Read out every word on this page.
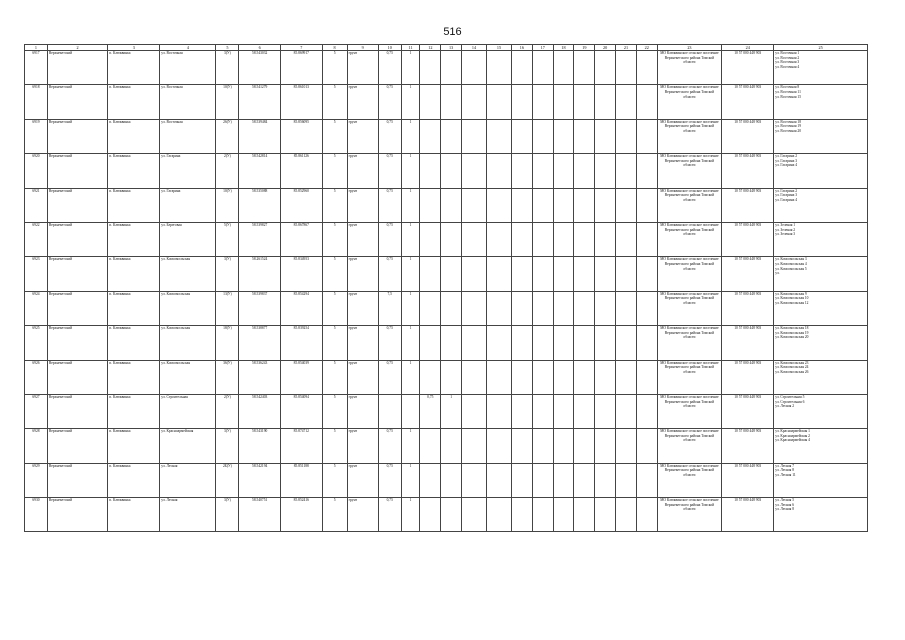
516
1	2	3	4	5	6	7	8	9	10	11	12	13	14	15	16	17	18	19	20	21	22	23	24	25
6917	Верхнекетский	п. Клюквинка	ул. Восточная	3(У)	58.543032	85.869917	5	грунт	0,75	1												МО Клюквинское сельское поселение Верхнекетского района Томской области	10 57 000 448 903	ул. Восточная 1
ул. Восточная 2
ул. Восточная 3
ул. Восточная 4

6918	Верхнекетский	п. Клюквинка	ул. Восточная	10(У)	58.541279	85.861013	5	грунт	0,75	1												МО Клюквинское сельское поселение Верхнекетского района Томской области	10 57 000 448 903	ул. Восточная 8
ул. Восточная 11
ул. Восточная 15

6919	Верхнекетский	п. Клюквинка	ул. Восточная	26(У)	58.539484	85.856095	5	грунт	0,75	1												МО Клюквинское сельское поселение Верхнекетского района Томской области	10 57 000 448 903	ул. Восточная 18
ул. Восточная 19
ул. Восточная 20

6920	Верхнекетский	п. Клюквинка	ул. Гагарина	2(У)	58.542814	85.861126	5	грунт	0,75	1												МО Клюквинское сельское поселение Верхнекетского района Томской области	10 57 000 448 903	ул. Гагарина 2
ул. Гагарина 3
ул. Гагарина 4

6921	Верхнекетский	п. Клюквинка	ул. Гагарина	10(У)	58.535088	85.852960	5	грунт	0,75	1												МО Клюквинское сельское поселение Верхнекетского района Томской области	10 57 000 448 903	ул. Гагарина 2
ул. Гагарина 3
ул. Гагарина 4

6922	Верхнекетский	п. Клюквинка	ул. Береговая	5(У)	58.539827	85.867867	5	грунт	0,75	1												МО Клюквинское сельское поселение Верхнекетского района Томской области	10 57 000 448 903	ул. Зеленая 1
ул. Зеленая 2
ул. Зеленая 3

6923	Верхнекетский	п. Клюквинка	ул. Комсомольская	3(У)	58.261524	85.834953	5	грунт	0,75	1												МО Клюквинское сельское поселение Верхнекетского района Томской области	10 57 000 448 903	ул. Комсомольская 3
ул. Комсомольская 4
ул. Комсомольская 5
ул.

6924	Верхнекетский	п. Клюквинка	ул. Комсомольская	13(У)	58.539837	85.854294	5	грунт	7,5	1												МО Клюквинское сельское поселение Верхнекетского района Томской области	10 57 000 448 903	ул. Комсомольская 9
ул. Комсомольская 10
ул. Комсомольская 12

6925	Верхнекетский	п. Клюквинка	ул. Комсомольская	18(У)	58.538877	85.839254	5	грунт	0,75	1												МО Клюквинское сельское поселение Верхнекетского района Томской области	10 57 000 448 903	ул. Комсомольская 18
ул. Комсомольская 19
ул. Комсомольская 20

6926	Верхнекетский	п. Клюквинка	ул. Комсомольская	36(У)	58.536243	85.854039	5	грунт	0,75	1												МО Клюквинское сельское поселение Верхнекетского района Томской области	10 57 000 448 903	ул. Комсомольская 23
ул. Комсомольская 24
ул. Комсомольская 26

6927	Верхнекетский	п. Клюквинка	ул. Строительная	2(У)	58.542403	85.854094	5	грунт			0,75	1										МО Клюквинское сельское поселение Верхнекетского района Томской области	10 57 000 448 903	ул. Строительная 5
ул. Строительная 6
ул. Лесная 2

6928	Верхнекетский	п. Клюквинка	ул. Красноармейская	3(У)	58.543190	85.874712	5	грунт	0,75	1												МО Клюквинское сельское поселение Верхнекетского района Томской области	10 57 000 448 903	ул. Красноармейская 1
ул. Красноармейская 2
ул. Красноармейская 4

6929	Верхнекетский	п. Клюквинка	ул. Лесная	2Б(У)	58.542194	85.851188	5	грунт	0,75	1												МО Клюквинское сельское поселение Верхнекетского района Томской области	10 57 000 448 903	ул. Лесная 7
ул. Лесная 8
ул. Лесная 11

6930	Верхнекетский	п. Клюквинка	ул. Лесная	3(У)	58.540751	85.852416	5	грунт	0,75	1												МО Клюквинское сельское поселение Верхнекетского района Томской области	10 57 000 448 903	ул. Лесная 5
ул. Лесная 6
ул. Лесная 8
